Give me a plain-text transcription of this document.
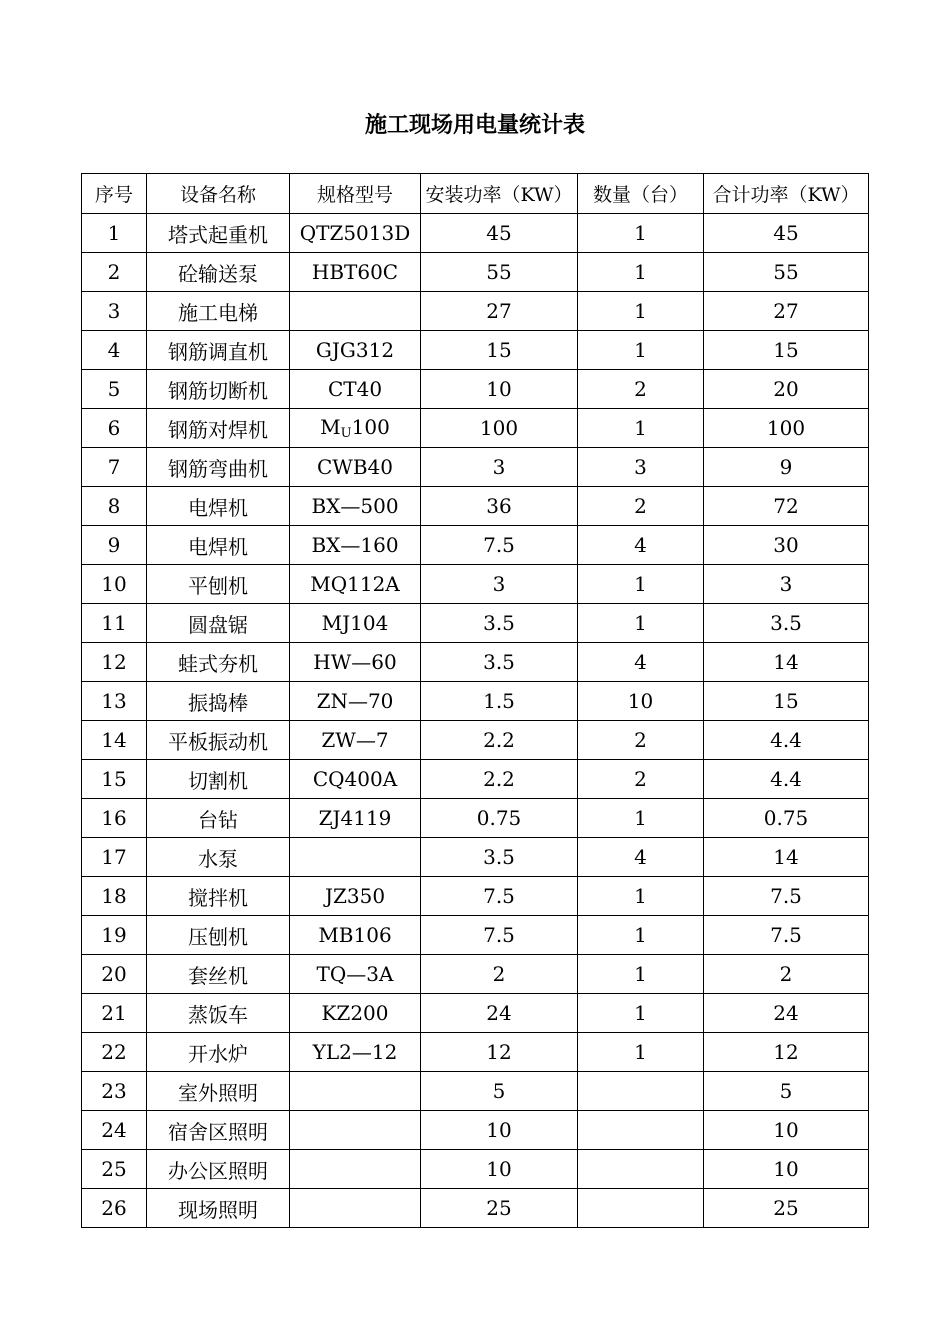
施工现场用电量统计表
序号	设备名称	规格型号	安装功率（KW）	数量（台）	合计功率（KW）
1	塔式起重机	QTZ5013D	45	1	45
2	砼输送泵	HBT60C	55	1	55
3	施工电梯		27	1	27
4	钢筋调直机	GJG312	15	1	15
5	钢筋切断机	CT40	10	2	20
6	钢筋对焊机	$M_U100$	100	1	100
7	钢筋弯曲机	CWB40	3	3	9
8	电焊机	BX—500	36	2	72
9	电焊机	BX—160	7.5	4	30
10	平刨机	MQ112A	3	1	3
11	圆盘锯	MJ104	3.5	1	3.5
12	蛙式夯机	HW—60	3.5	4	14
13	振捣棒	ZN—70	1.5	10	15
14	平板振动机	ZW—7	2.2	2	4.4
15	切割机	CQ400A	2.2	2	4.4
16	台钻	ZJ4119	0.75	1	0.75
17	水泵		3.5	4	14
18	搅拌机	JZ350	7.5	1	7.5
19	压刨机	MB106	7.5	1	7.5
20	套丝机	TQ—3A	2	1	2
21	蒸饭车	KZ200	24	1	24
22	开水炉	YL2—12	12	1	12
23	室外照明		5		5
24	宿舍区照明		10		10
25	办公区照明		10		10
26	现场照明		25		25
